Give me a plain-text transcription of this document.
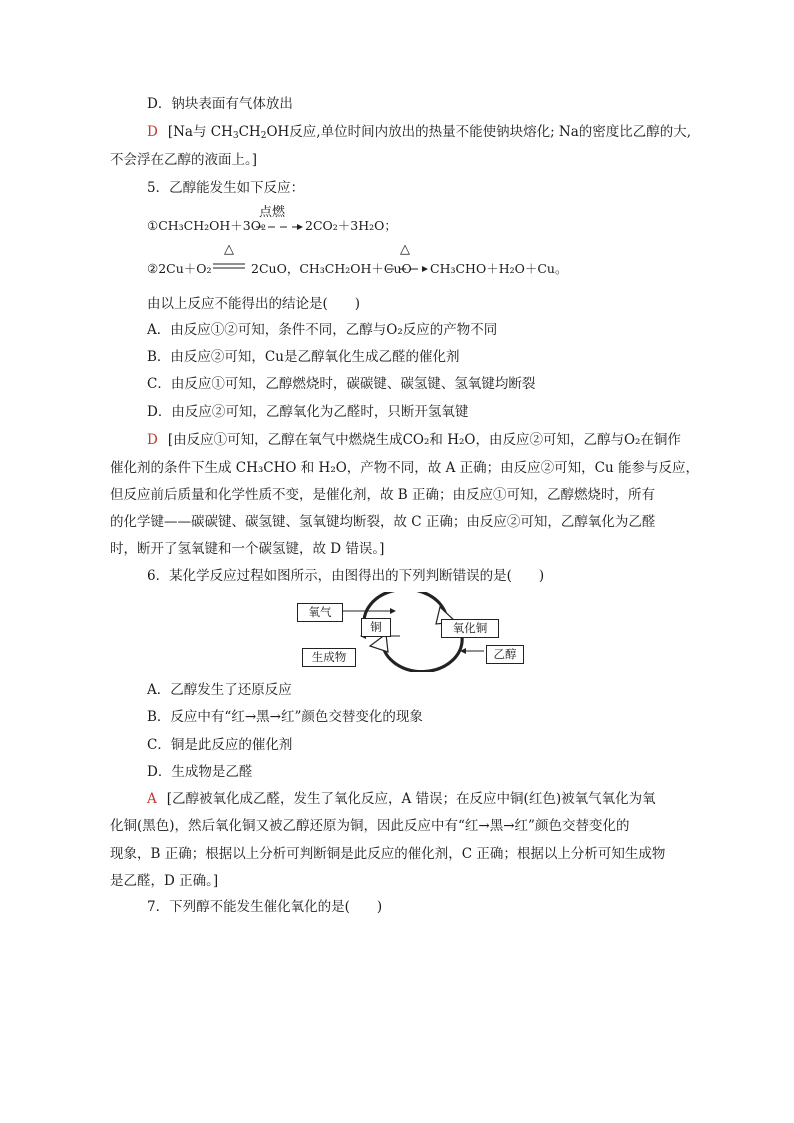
D．钠块表面有气体放出
D [Na与 $CH_3CH_2OH$反应,单位时间内放出的热量不能使钠块熔化; Na的密度比乙醇的大,
不会浮在乙醇的液面上。]
5．乙醇能发生如下反应：
①CH₃CH₂OH＋3O₂
点燃
2CO₂＋3H₂O；
②2Cu＋O₂
△
2CuO，CH₃CH₂OH＋CuO
△
CH₃CHO＋H₂O＋Cu。
由以上反应不能得出的结论是(　　)
A．由反应①②可知，条件不同，乙醇与O₂反应的产物不同
B．由反应②可知，Cu是乙醇氧化生成乙醛的催化剂
C．由反应①可知，乙醇燃烧时，碳碳键、碳氢键、氢氧键均断裂
D．由反应②可知，乙醇氧化为乙醛时，只断开氢氧键
D [由反应①可知，乙醇在氧气中燃烧生成CO₂和 H₂O，由反应②可知，乙醇与O₂在铜作
催化剂的条件下生成 CH₃CHO 和 H₂O，产物不同，故 A 正确；由反应②可知，Cu 能参与反应，
但反应前后质量和化学性质不变，是催化剂，故 B 正确；由反应①可知，乙醇燃烧时，所有
的化学键——碳碳键、碳氢键、氢氧键均断裂，故 C 正确；由反应②可知，乙醇氧化为乙醛
时，断开了氢氧键和一个碳氢键，故 D 错误。]
6．某化学反应过程如图所示，由图得出的下列判断错误的是(　　)
氧气
铜	氧化铜
生成物	乙醇
A．乙醇发生了还原反应
B．反应中有“红→黑→红”颜色交替变化的现象
C．铜是此反应的催化剂
D．生成物是乙醛
A [乙醇被氧化成乙醛，发生了氧化反应，A 错误；在反应中铜(红色)被氧气氧化为氧
化铜(黑色)，然后氧化铜又被乙醇还原为铜，因此反应中有“红→黑→红”颜色交替变化的
现象，B 正确；根据以上分析可判断铜是此反应的催化剂，C 正确；根据以上分析可知生成物
是乙醛，D 正确。]
7．下列醇不能发生催化氧化的是(　　)
